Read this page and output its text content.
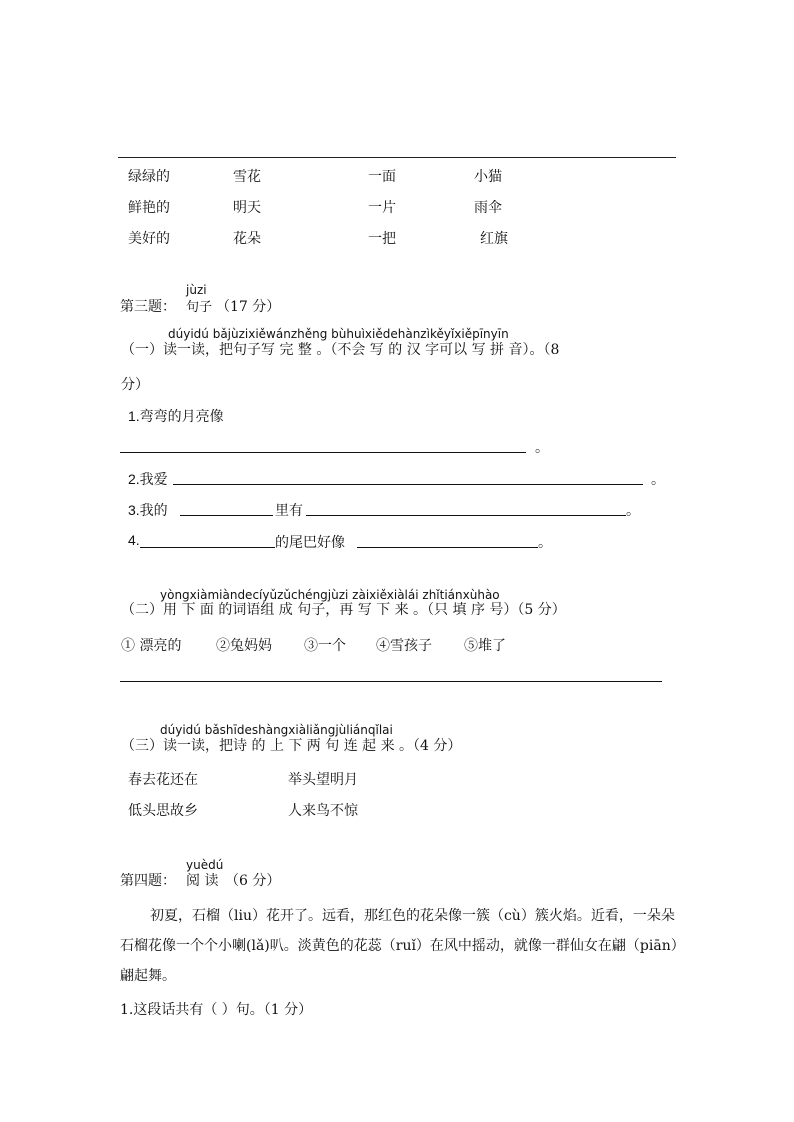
绿绿的	雪花	一面	小猫
鲜艳的	明天	一片	雨伞
美好的	花朵	一把	红旗
第三题：
jùzi
句子 （17 分）
dúyidú bǎjùzixiěwánzhěng bùhuìxiědehànzìkěyǐxiěpīnyīn
（一）读一读，把句子写 完 整 。（不会 写 的 汉 字可以 写 拼 音）。（8
分）
1.弯弯的月亮像
。
2.我爱	。
3.我的	里有	。
4.	的尾巴好像	。
yòngxiàmiàndecíyǔzǔchéngjùzi zàixiěxiàlái zhǐtiánxùhào
（二）用 下 面 的词语组 成 句子，再 写 下 来 。（只 填 序 号）（5 分）
① 漂亮的 ②兔妈妈 ③一个 ④雪孩子 ⑤堆了
dúyidú bǎshīdeshàngxiàliǎngjùliánqǐlai
（三）读一读，把诗 的 上 下 两 句 连 起 来 。（4 分）
春去花还在	举头望明月
低头思故乡	人来鸟不惊
第四题：
yuèdú
阅 读 （6 分）
初夏，石榴（liu）花开了。远看，那红色的花朵像一簇（cù）簇火焰。近看，一朵朵石榴花像一个个小喇(lǎ)叭。淡黄色的花蕊（ruǐ）在风中摇动，就像一群仙女在翩（piān）翩起舞。
1.这段话共有（ ）句。（1 分）
